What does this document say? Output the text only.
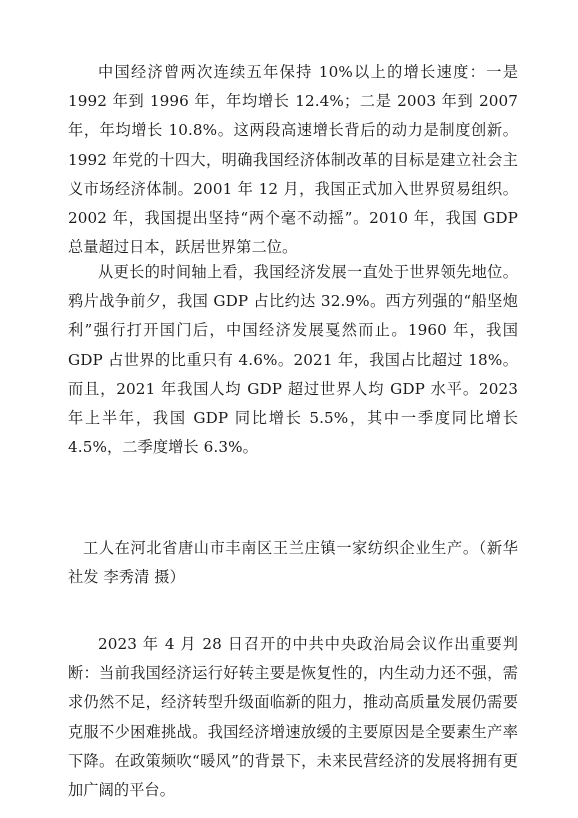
中国经济曾两次连续五年保持 10%以上的增长速度：一是 1992 年到 1996 年，年均增长 12.4%；二是 2003 年到 2007 年，年均增长 10.8%。这两段高速增长背后的动力是制度创新。1992 年党的十四大，明确我国经济体制改革的目标是建立社会主义市场经济体制。2001 年 12 月，我国正式加入世界贸易组织。2002 年，我国提出坚持“两个毫不动摇”。2010 年，我国 GDP 总量超过日本，跃居世界第二位。

从更长的时间轴上看，我国经济发展一直处于世界领先地位。鸦片战争前夕，我国 GDP 占比约达 32.9%。西方列强的“船坚炮利”强行打开国门后，中国经济发展戛然而止。1960 年，我国 GDP 占世界的比重只有 4.6%。2021 年，我国占比超过 18%。而且，2021 年我国人均 GDP 超过世界人均 GDP 水平。2023 年上半年，我国 GDP 同比增长 5.5%，其中一季度同比增长 4.5%，二季度增长 6.3%。

工人在河北省唐山市丰南区王兰庄镇一家纺织企业生产。（新华社发 李秀清 摄）

2023 年 4 月 28 日召开的中共中央政治局会议作出重要判断：当前我国经济运行好转主要是恢复性的，内生动力还不强，需求仍然不足，经济转型升级面临新的阻力，推动高质量发展仍需要克服不少困难挑战。我国经济增速放缓的主要原因是全要素生产率下降。在政策频吹“暖风”的背景下，未来民营经济的发展将拥有更加广阔的平台。
